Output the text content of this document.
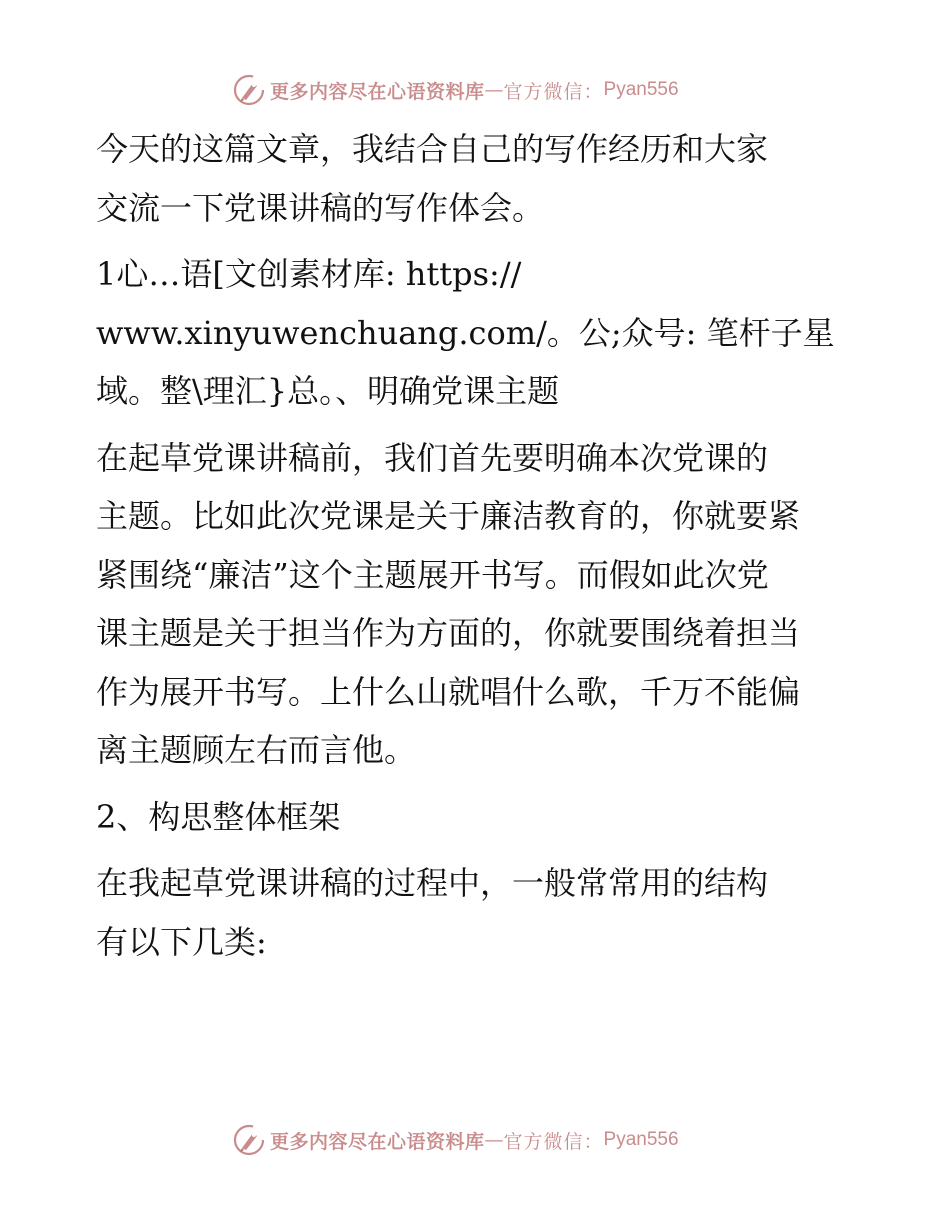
更多内容尽在心语资料库 — 官方微信： Pyan556

今天的这篇文章，我结合自己的写作经历和大家
交流一下党课讲稿的写作体会。

1心…语[文创素材库: https://
www.xinyuwenchuang.com/。公;众号: 笔杆子星
域。整\理汇}总。、明确党课主题

在起草党课讲稿前，我们首先要明确本次党课的
主题。比如此次党课是关于廉洁教育的，你就要紧
紧围绕“廉洁”这个主题展开书写。而假如此次党
课主题是关于担当作为方面的，你就要围绕着担当
作为展开书写。上什么山就唱什么歌，千万不能偏
离主题顾左右而言他。

2、构思整体框架

在我起草党课讲稿的过程中，一般常常用的结构
有以下几类:

更多内容尽在心语资料库 — 官方微信： Pyan556
